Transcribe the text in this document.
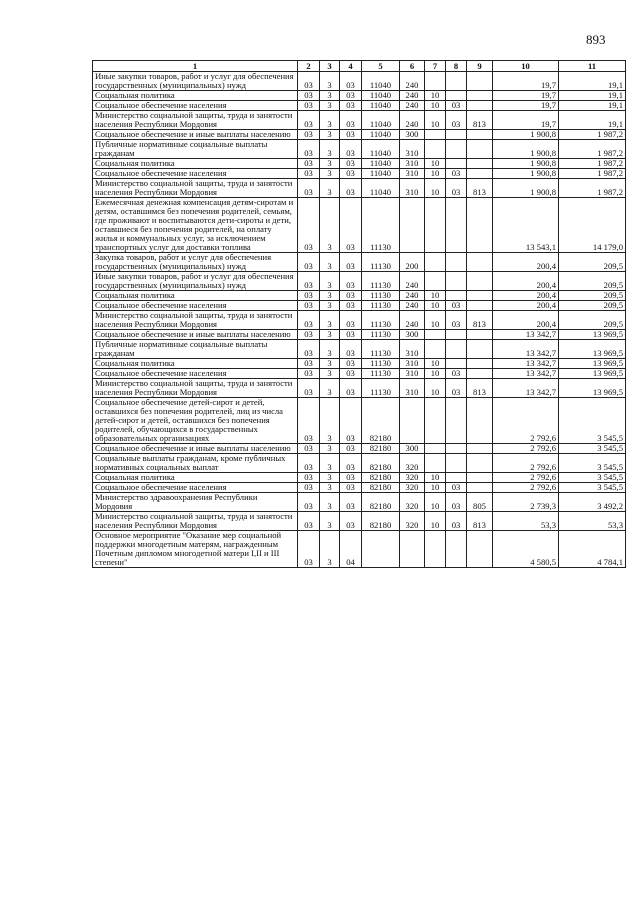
893
1	2	3	4	5	6	7	8	9	10	11
Иные закупки товаров, работ и услуг для обеспечения государственных (муниципальных) нужд	03	3	03	11040	240				19,7	19,1
Социальная политика	03	3	03	11040	240	10			19,7	19,1
Социальное обеспечение населения	03	3	03	11040	240	10	03		19,7	19,1
Министерство социальной защиты, труда и занятости населения Республики Мордовия	03	3	03	11040	240	10	03	813	19,7	19,1
Социальное обеспечение и иные выплаты населению	03	3	03	11040	300				1 900,8	1 987,2
Публичные нормативные социальные выплаты гражданам	03	3	03	11040	310				1 900,8	1 987,2
Социальная политика	03	3	03	11040	310	10			1 900,8	1 987,2
Социальное обеспечение населения	03	3	03	11040	310	10	03		1 900,8	1 987,2
Министерство социальной защиты, труда и занятости населения Республики Мордовия	03	3	03	11040	310	10	03	813	1 900,8	1 987,2
Ежемесячная денежная компенсация детям-сиротам и детям, оставшимся без попечения родителей, семьям, где проживают и воспитываются дети-сироты и дети, оставшиеся без попечения родителей, на оплату жилья и коммунальных услуг, за исключением транспортных услуг для доставки топлива	03	3	03	11130					13 543,1	14 179,0
Закупка товаров, работ и услуг для обеспечения государственных (муниципальных) нужд	03	3	03	11130	200				200,4	209,5
Иные закупки товаров, работ и услуг для обеспечения государственных (муниципальных) нужд	03	3	03	11130	240				200,4	209,5
Социальная политика	03	3	03	11130	240	10			200,4	209,5
Социальное обеспечение населения	03	3	03	11130	240	10	03		200,4	209,5
Министерство социальной защиты, труда и занятости населения Республики Мордовия	03	3	03	11130	240	10	03	813	200,4	209,5
Социальное обеспечение и иные выплаты населению	03	3	03	11130	300				13 342,7	13 969,5
Публичные нормативные социальные выплаты гражданам	03	3	03	11130	310				13 342,7	13 969,5
Социальная политика	03	3	03	11130	310	10			13 342,7	13 969,5
Социальное обеспечение населения	03	3	03	11130	310	10	03		13 342,7	13 969,5
Министерство социальной защиты, труда и занятости населения Республики Мордовия	03	3	03	11130	310	10	03	813	13 342,7	13 969,5
Социальное обеспечение детей-сирот и детей, оставшихся без попечения родителей, лиц из числа детей-сирот и детей, оставшихся без попечения родителей, обучающихся в государственных образовательных организациях	03	3	03	82180					2 792,6	3 545,5
Социальное обеспечение и иные выплаты населению	03	3	03	82180	300				2 792,6	3 545,5
Социальные выплаты гражданам, кроме публичных нормативных социальных выплат	03	3	03	82180	320				2 792,6	3 545,5
Социальная политика	03	3	03	82180	320	10			2 792,6	3 545,5
Социальное обеспечение населения	03	3	03	82180	320	10	03		2 792,6	3 545,5
Министерство здравоохранения Республики Мордовия	03	3	03	82180	320	10	03	805	2 739,3	3 492,2
Министерство социальной защиты, труда и занятости населения Республики Мордовия	03	3	03	82180	320	10	03	813	53,3	53,3
Основное мероприятие "Оказание мер социальной поддержки многодетным матерям, награжденным Почетным дипломом многодетной матери I,II и III степени"	03	3	04						4 580,5	4 784,1
